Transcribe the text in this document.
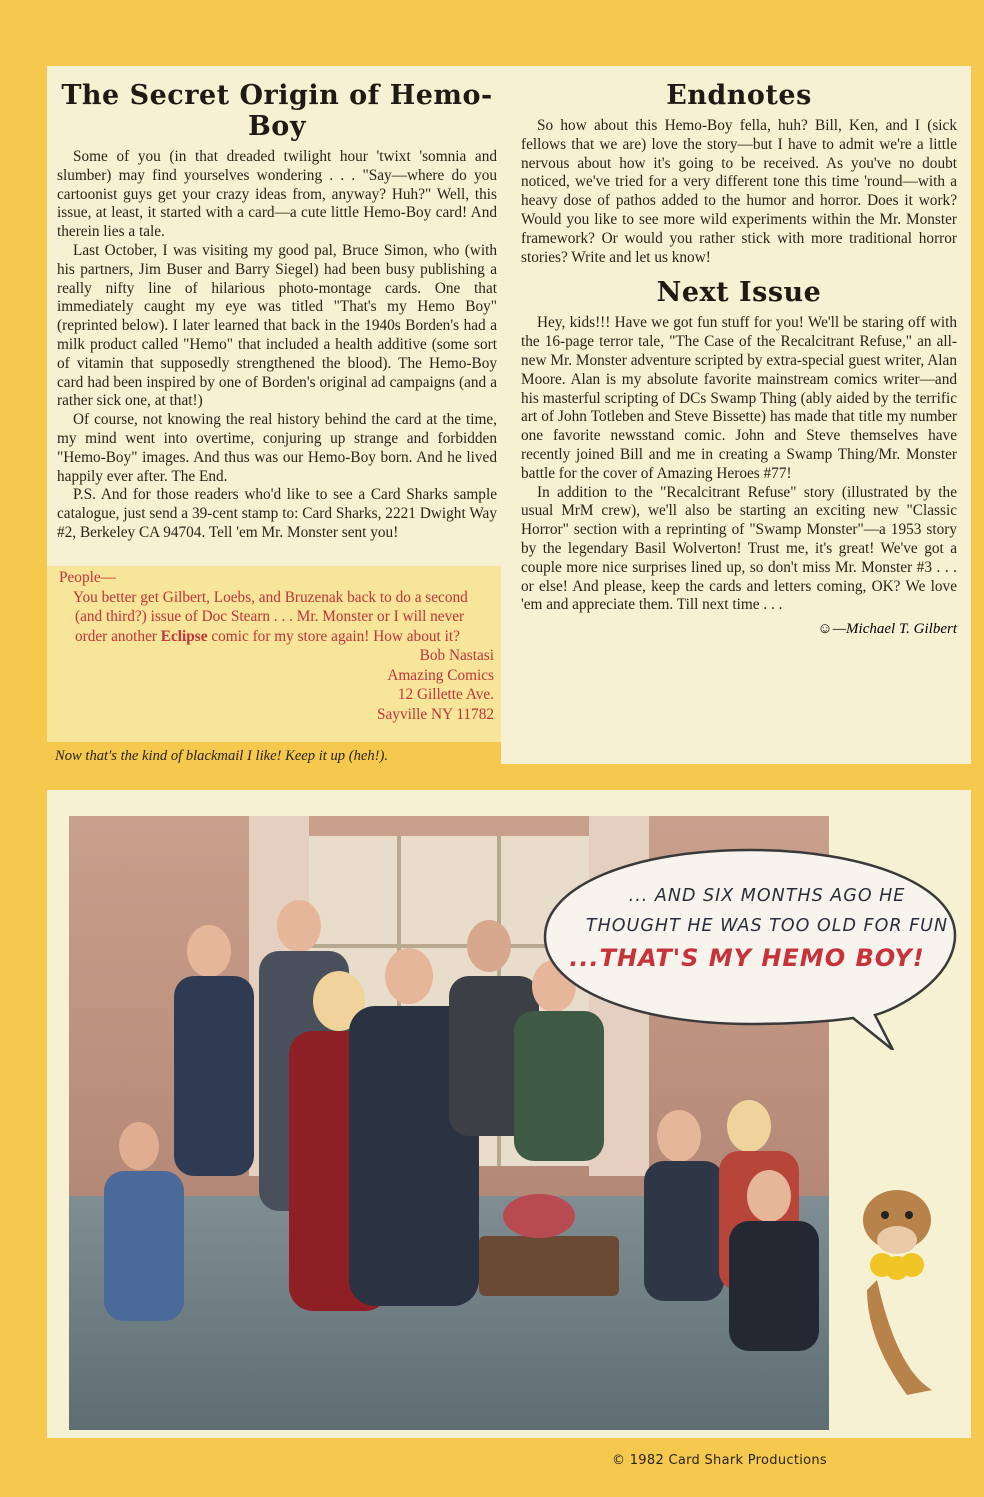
The Secret Origin of Hemo-Boy

Some of you (in that dreaded twilight hour 'twixt 'somnia and slumber) may find yourselves wondering . . . "Say—where do you cartoonist guys get your crazy ideas from, anyway? Huh?" Well, this issue, at least, it started with a card—a cute little Hemo-Boy card! And therein lies a tale.

Last October, I was visiting my good pal, Bruce Simon, who (with his partners, Jim Buser and Barry Siegel) had been busy publishing a really nifty line of hilarious photo-montage cards. One that immediately caught my eye was titled "That's my Hemo Boy" (reprinted below). I later learned that back in the 1940s Borden's had a milk product called "Hemo" that included a health additive (some sort of vitamin that supposedly strengthened the blood). The Hemo-Boy card had been inspired by one of Borden's original ad campaigns (and a rather sick one, at that!)

Of course, not knowing the real history behind the card at the time, my mind went into overtime, conjuring up strange and forbidden "Hemo-Boy" images. And thus was our Hemo-Boy born. And he lived happily ever after. The End.

P.S. And for those readers who'd like to see a Card Sharks sample catalogue, just send a 39-cent stamp to: Card Sharks, 2221 Dwight Way #2, Berkeley CA 94704. Tell 'em Mr. Monster sent you!

People—

You better get Gilbert, Loebs, and Bruzenak back to do a second (and third?) issue of Doc Stearn . . . Mr. Monster or I will never order another Eclipse comic for my store again! How about it?

Bob Nastasi

Amazing Comics

12 Gillette Ave.

Sayville NY 11782

Now that's the kind of blackmail I like! Keep it up (heh!).
Endnotes

So how about this Hemo-Boy fella, huh? Bill, Ken, and I (sick fellows that we are) love the story—but I have to admit we're a little nervous about how it's going to be received. As you've no doubt noticed, we've tried for a very different tone this time 'round—with a heavy dose of pathos added to the humor and horror. Does it work? Would you like to see more wild experiments within the Mr. Monster framework? Or would you rather stick with more traditional horror stories? Write and let us know!

Next Issue

Hey, kids!!! Have we got fun stuff for you! We'll be staring off with the 16-page terror tale, "The Case of the Recalcitrant Refuse," an all-new Mr. Monster adventure scripted by extra-special guest writer, Alan Moore. Alan is my absolute favorite mainstream comics writer—and his masterful scripting of DCs Swamp Thing (ably aided by the terrific art of John Totleben and Steve Bissette) has made that title my number one favorite newsstand comic. John and Steve themselves have recently joined Bill and me in creating a Swamp Thing/Mr. Monster battle for the cover of Amazing Heroes #77!

In addition to the "Recalcitrant Refuse" story (illustrated by the usual MrM crew), we'll also be starting an exciting new "Classic Horror" section with a reprinting of "Swamp Monster"—a 1953 story by the legendary Basil Wolverton! Trust me, it's great! We've got a couple more nice surprises lined up, so don't miss Mr. Monster #3 . . . or else! And please, keep the cards and letters coming, OK? We love 'em and appreciate them. Till next time . . .

☺—Michael T. Gilbert
... AND SIX MONTHS AGO HE
THOUGHT HE WAS TOO OLD FOR FUN
...THAT'S MY HEMO BOY!
© 1982 Card Shark Productions
